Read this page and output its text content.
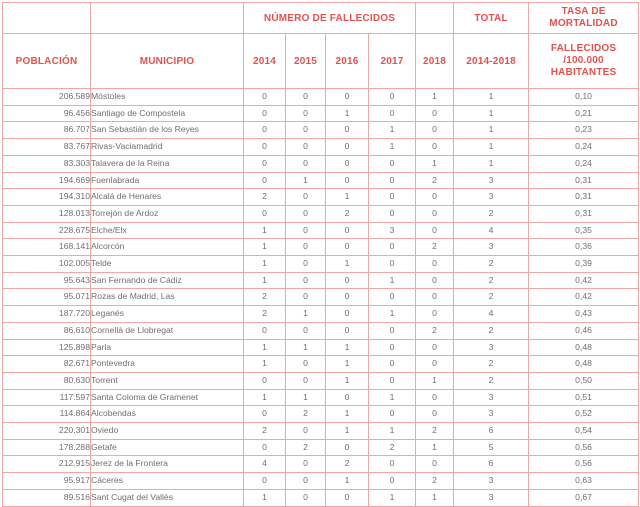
		NÚMERO DE FALLECIDOS					TOTAL	TASA DE
MORTALIDAD

POBLACIÓN	MUNICIPIO	2014	2015	2016	2017	2018	2014-2018	FALLECIDOS
/100.000
HABITANTES

206.589	Móstoles	0	0	0	0	1	1	0,10
96.456	Santiago de Compostela	0	0	1	0	0	1	0,21
86.707	San Sebastián de los Reyes	0	0	0	1	0	1	0,23
83.767	Rivas-Vaciamadrid	0	0	0	1	0	1	0,24
83.303	Talavera de la Reina	0	0	0	0	1	1	0,24
194.669	Fuenlabrada	0	1	0	0	2	3	0,31
194.310	Alcalá de Henares	2	0	1	0	0	3	0,31
128.013	Torrejón de Ardoz	0	0	2	0	0	2	0,31
228.675	Elche/Elx	1	0	0	3	0	4	0,35
168.141	Alcorcón	1	0	0	0	2	3	0,36
102.005	Telde	1	0	1	0	0	2	0,39
95.643	San Fernando de Cádiz	1	0	0	1	0	2	0,42
95.071	Rozas de Madrid, Las	2	0	0	0	0	2	0,42
187.720	Leganés	2	1	0	1	0	4	0,43
86.610	Cornellà de Llobregat	0	0	0	0	2	2	0,46
125.898	Parla	1	1	1	0	0	3	0,48
82.671	Pontevedra	1	0	1	0	0	2	0,48
80.630	Torrent	0	0	1	0	1	2	0,50
117.597	Santa Coloma de Gramenet	1	1	0	1	0	3	0,51
114.864	Alcobendas	0	2	1	0	0	3	0,52
220.301	Oviedo	2	0	1	1	2	6	0,54
178.288	Getafe	0	2	0	2	1	5	0,56
212.915	Jerez de la Frontera	4	0	2	0	0	6	0,56
95.917	Cáceres	0	0	1	0	2	3	0,63
89.516	Sant Cugat del Vallès	1	0	0	1	1	3	0,67
